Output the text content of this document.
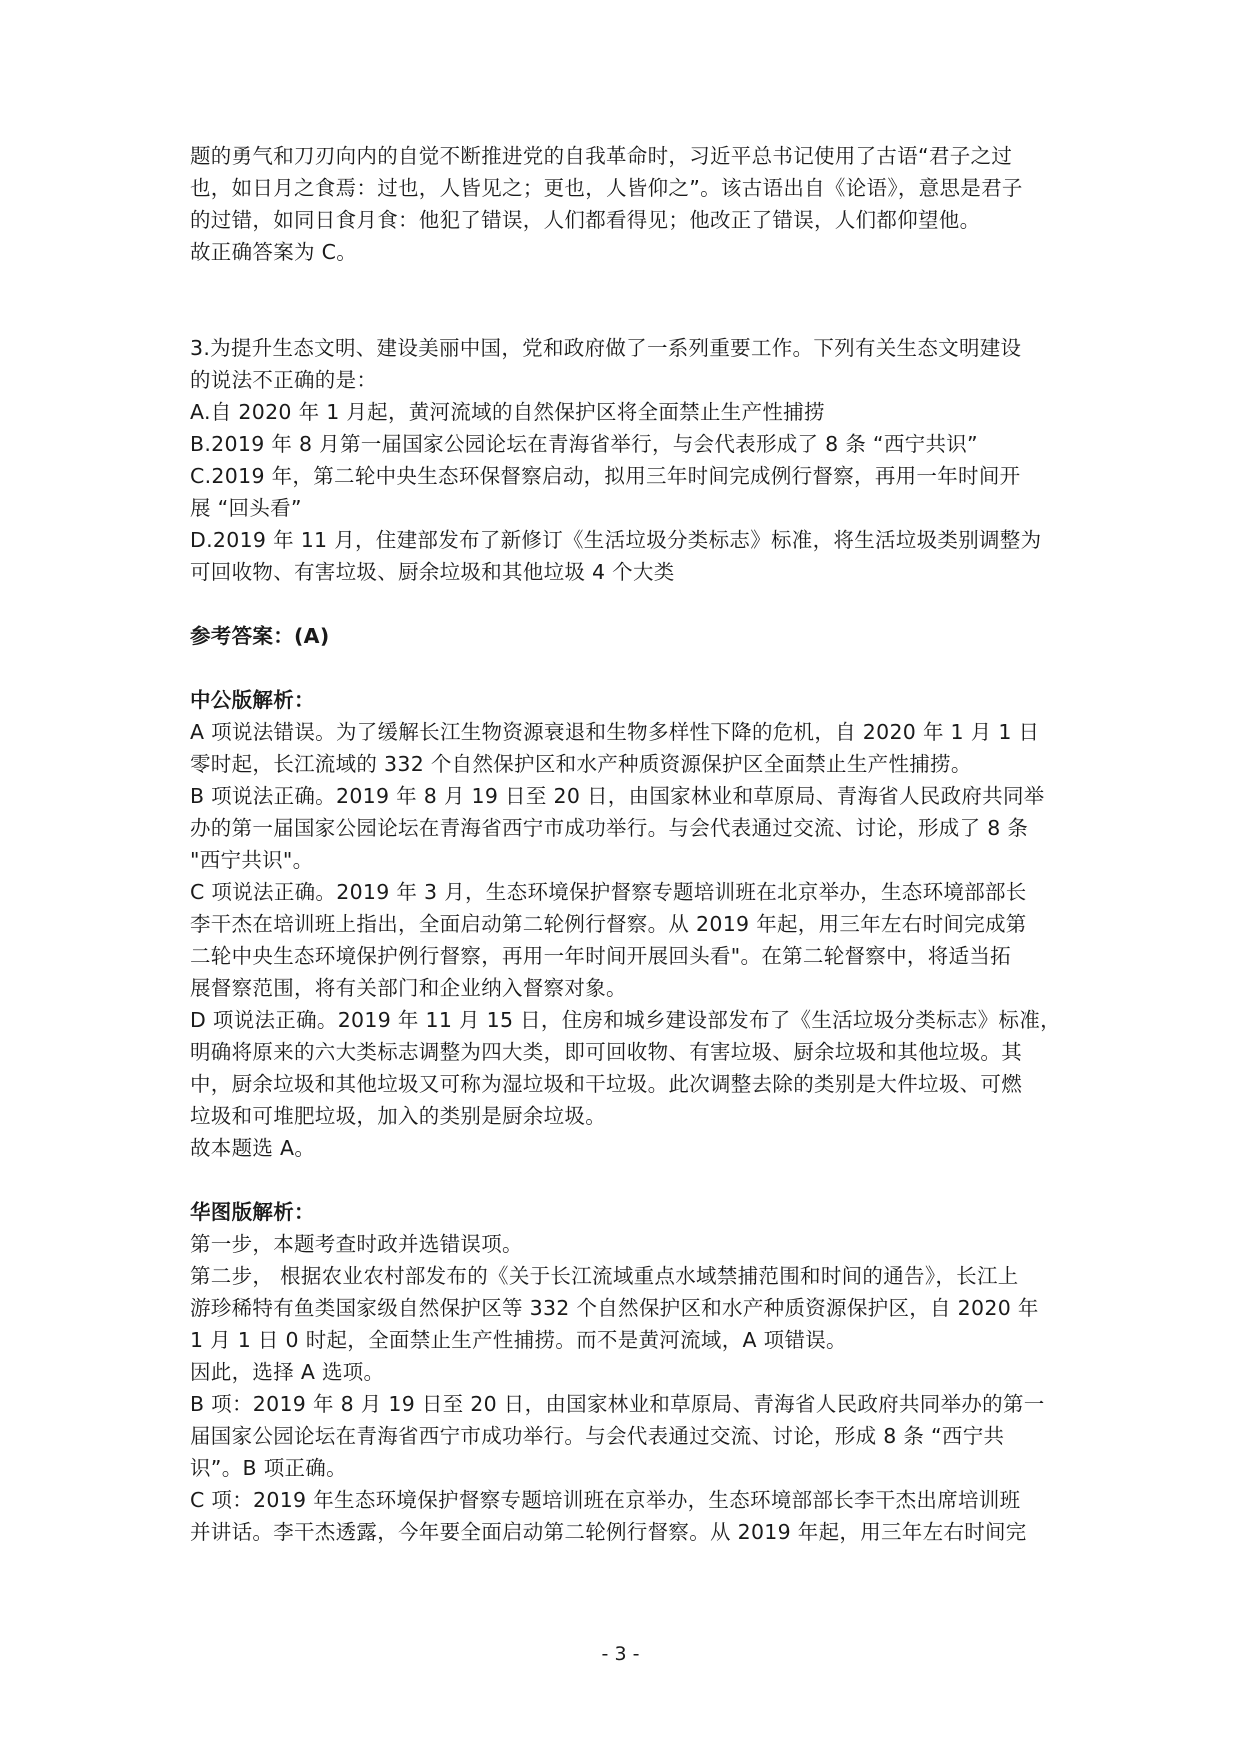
题的勇气和刀刃向内的自觉不断推进党的自我革命时，习近平总书记使用了古语“君子之过
也，如日月之食焉：过也，人皆见之；更也，人皆仰之”。该古语出自《论语》，意思是君子
的过错，如同日食月食：他犯了错误，人们都看得见；他改正了错误，人们都仰望他。
故正确答案为 C。
3.为提升生态文明、建设美丽中国，党和政府做了一系列重要工作。下列有关生态文明建设
的说法不正确的是：
A.自 2020 年 1 月起，黄河流域的自然保护区将全面禁止生产性捕捞
B.2019 年 8 月第一届国家公园论坛在青海省举行，与会代表形成了 8 条 “西宁共识”
C.2019 年，第二轮中央生态环保督察启动，拟用三年时间完成例行督察，再用一年时间开
展 “回头看”
D.2019 年 11 月，住建部发布了新修订《生活垃圾分类标志》标准，将生活垃圾类别调整为
可回收物、有害垃圾、厨余垃圾和其他垃圾 4 个大类
参考答案：(A)
中公版解析：
A 项说法错误。为了缓解长江生物资源衰退和生物多样性下降的危机，自 2020 年 1 月 1 日
零时起，长江流域的 332 个自然保护区和水产种质资源保护区全面禁止生产性捕捞。
B 项说法正确。2019 年 8 月 19 日至 20 日，由国家林业和草原局、青海省人民政府共同举
办的第一届国家公园论坛在青海省西宁市成功举行。与会代表通过交流、讨论，形成了 8 条
"西宁共识"。
C 项说法正确。2019 年 3 月，生态环境保护督察专题培训班在北京举办，生态环境部部长
李干杰在培训班上指出，全面启动第二轮例行督察。从 2019 年起，用三年左右时间完成第
二轮中央生态环境保护例行督察，再用一年时间开展回头看"。在第二轮督察中，将适当拓
展督察范围，将有关部门和企业纳入督察对象。
D 项说法正确。2019 年 11 月 15 日，住房和城乡建设部发布了《生活垃圾分类标志》标准，
明确将原来的六大类标志调整为四大类，即可回收物、有害垃圾、厨余垃圾和其他垃圾。其
中，厨余垃圾和其他垃圾又可称为湿垃圾和干垃圾。此次调整去除的类别是大件垃圾、可燃
垃圾和可堆肥垃圾，加入的类别是厨余垃圾。
故本题选 A。
华图版解析：
第一步，本题考查时政并选错误项。
第二步， 根据农业农村部发布的《关于长江流域重点水域禁捕范围和时间的通告》，长江上
游珍稀特有鱼类国家级自然保护区等 332 个自然保护区和水产种质资源保护区，自 2020 年
1 月 1 日 0 时起，全面禁止生产性捕捞。而不是黄河流域，A 项错误。
因此，选择 A 选项。
B 项：2019 年 8 月 19 日至 20 日，由国家林业和草原局、青海省人民政府共同举办的第一
届国家公园论坛在青海省西宁市成功举行。与会代表通过交流、讨论，形成 8 条 “西宁共
识”。B 项正确。
C 项：2019 年生态环境保护督察专题培训班在京举办，生态环境部部长李干杰出席培训班
并讲话。李干杰透露，今年要全面启动第二轮例行督察。从 2019 年起，用三年左右时间完
- 3 -
